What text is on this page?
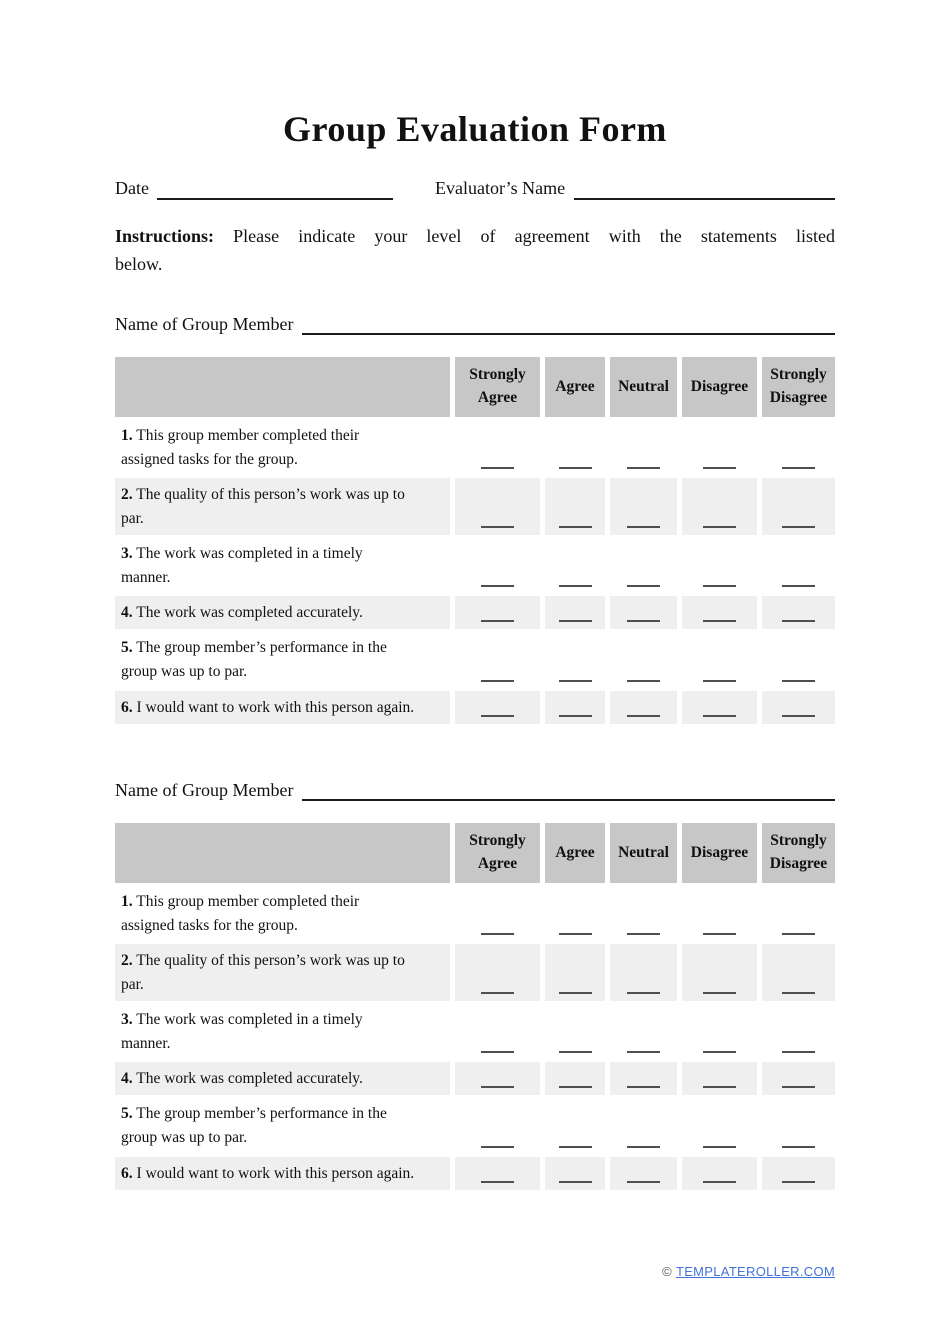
Group Evaluation Form
Date	Evaluator’s Name

Instructions: Please indicate your level of agreement with the statements listed
below.

Name of Group Member
	Strongly Agree	Agree	Neutral	Disagree	Strongly Disagree
1. This group member completed their
assigned tasks for the group.					

2. The quality of this person’s work was up to
par.					

3. The work was completed in a timely
manner.					

4. The work was completed accurately.	

5. The group member’s performance in the
group was up to par.					

6. I would want to work with this person again.	

Name of Group Member
	Strongly Agree	Agree	Neutral	Disagree	Strongly Disagree
1. This group member completed their
assigned tasks for the group.					

2. The quality of this person’s work was up to
par.					

3. The work was completed in a timely
manner.					

4. The work was completed accurately.	

5. The group member’s performance in the
group was up to par.					

6. I would want to work with this person again.	

© TEMPLATEROLLER.COM
